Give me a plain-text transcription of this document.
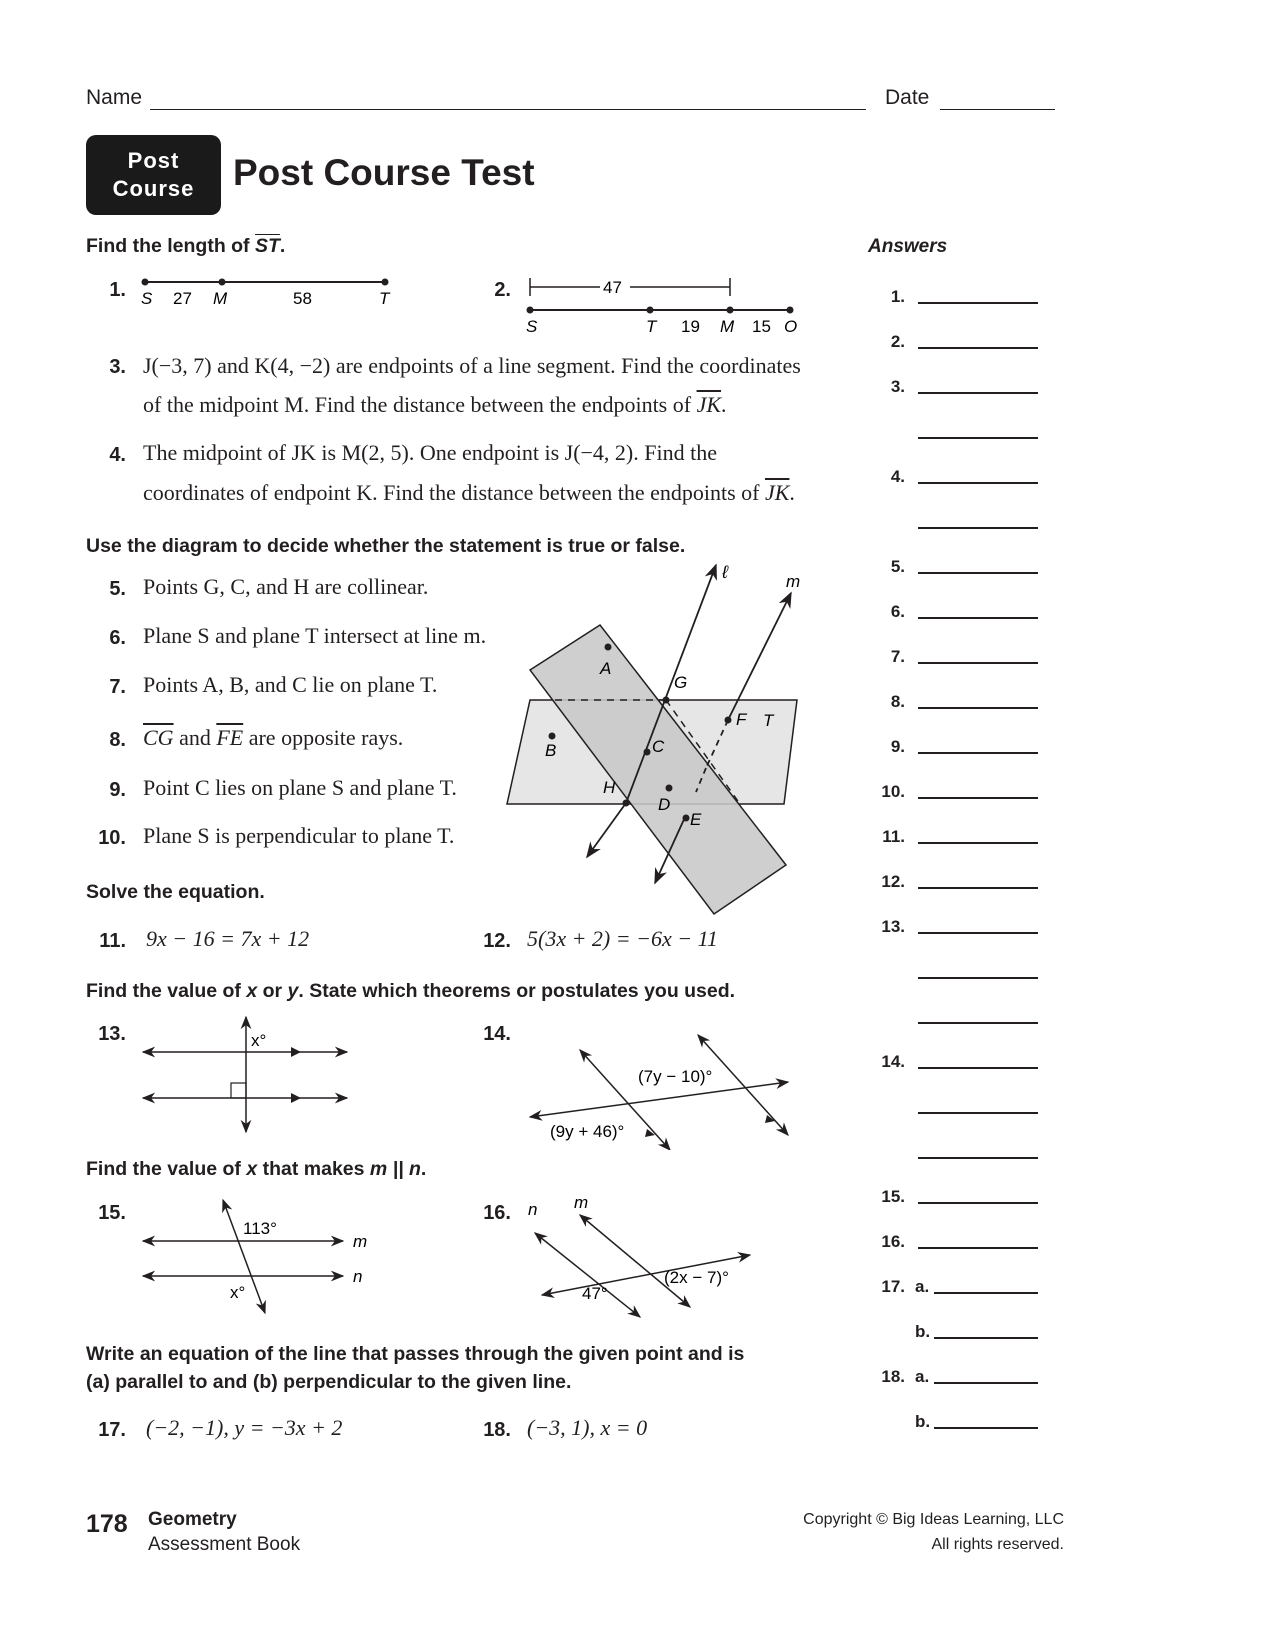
Name	Date
Post
Course	Post Course Test
Find the length of $\overline{ST}$.	Answers
1. S 27 M	58	T	2.	47
S	T 19 M 15 O
3. J(−3, 7) and K(4, −2) are endpoints of a line segment. Find the coordinates
of the midpoint M. Find the distance between the endpoints of $\overline{JK}$.
4. The midpoint of JK is M(2, 5). One endpoint is J(−4, 2). Find the
coordinates of endpoint K. Find the distance between the endpoints of $\overline{JK}$.
Use the diagram to decide whether the statement is true or false.
5. Points G, C, and H are collinear.
6. Plane S and plane T intersect at line m.
7. Points A, B, and C lie on plane T.
8. $\overline{CG}$ and $\overline{FE}$ are opposite rays.
9. Point C lies on plane S and plane T.
10. Plane S is perpendicular to plane T.
ℓ	m
A
G
T
C
F
B
H
D
E
Solve the equation.
11. 9x − 16 = 7x + 12	12. 5(3x + 2) = −6x − 11
Find the value of x or y. State which theorems or postulates you used.
13.	x°	14.
(7y − 10)°
(9y + 46)°
Find the value of x that makes m || n.
15.
113°
x°
m
n
16. n m
47°
(2x − 7)°
Write an equation of the line that passes through the given point and is
(a) parallel to and (b) perpendicular to the given line.
17. (−2, −1), y = −3x + 2	18. (−3, 1), x = 0
1.
2.
3.
4.
5.
6.
7.
8.
9.
10.
11.
12.
13.
14.
15.
16.
17. a.
b.
18. a.
b.
178 Geometry
Assessment Book
Copyright © Big Ideas Learning, LLC
All rights reserved.
